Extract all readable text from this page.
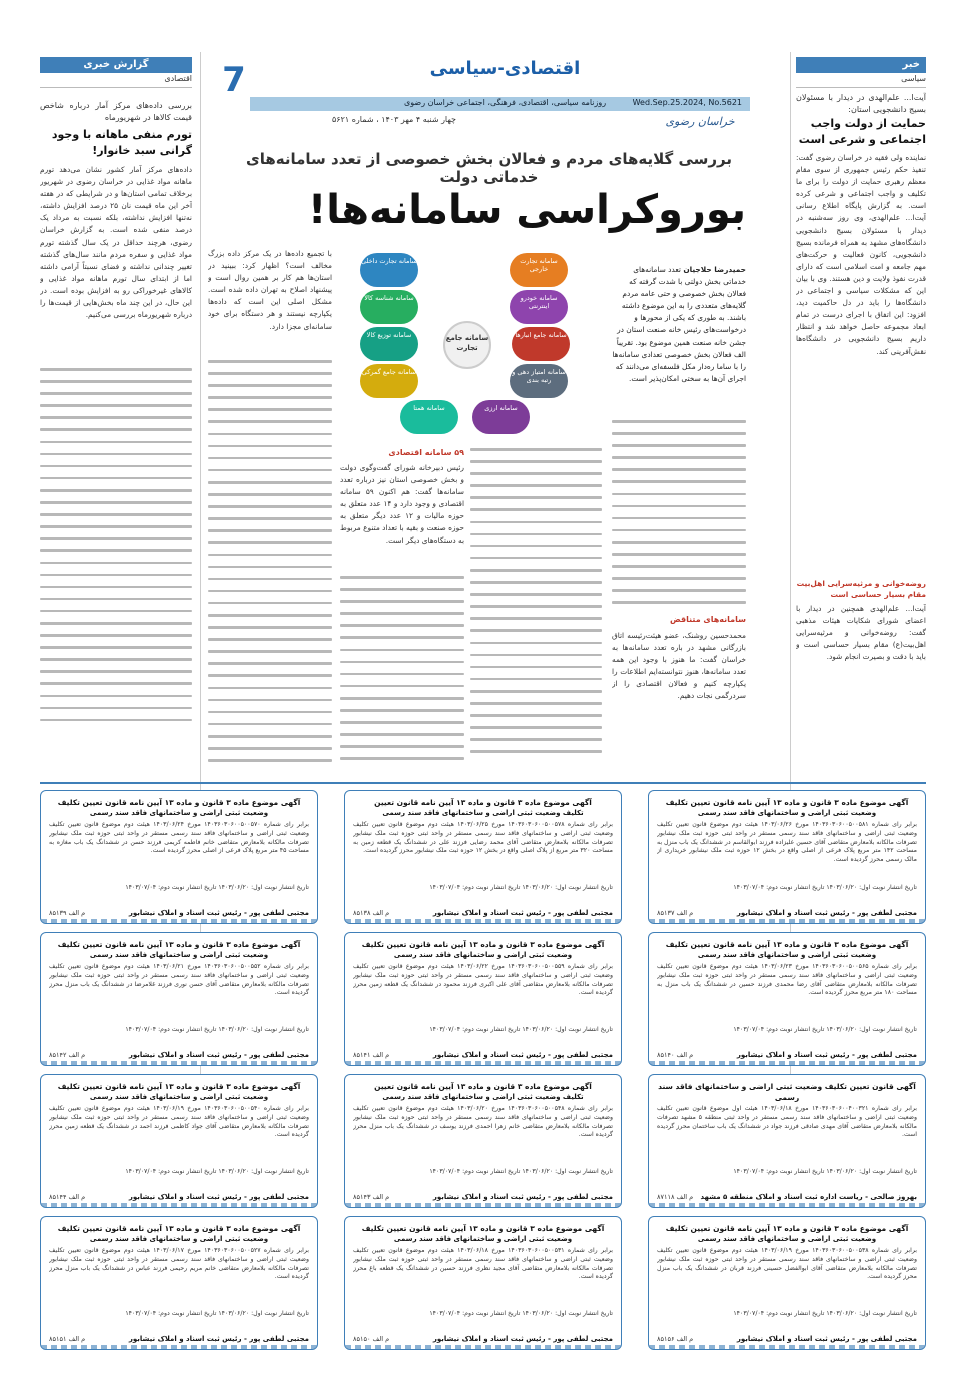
7	اقتصادی-سیاسی
Wed.Sep.25.2024, No.5621
روزنامه سیاسی، اقتصادی، فرهنگی، اجتماعی خراسان رضوی
چهار شنبه ۴ مهر ۱۴۰۳ ، شماره ۵۶۲۱	خراسان رضوی
خبر
سیاسی
آیت‌ا... علم‌الهدی در دیدار با مسئولان بسیج دانشجویی استان:
حمایت از دولت واجب اجتماعی و شرعی است
نماینده ولی فقیه در خراسان رضوی گفت: تنفیذ حکم رئیس جمهوری از سوی مقام معظم رهبری حمایت از دولت را برای ما تکلیف و واجب اجتماعی و شرعی کرده است. به گزارش پایگاه اطلاع رسانی آیت‌ا... علم‌الهدی، وی روز سه‌شنبه در دیدار با مسئولان بسیج دانشجویی دانشگاه‌های مشهد به همراه فرمانده بسیج دانشجویی، کانون فعالیت و حرکت‌های مهم جامعه و امت اسلامی است که دارای قدرت نفوذ ولایت و دین هستند. وی با بیان این که مشکلات سیاسی و اجتماعی در دانشگاه‌ها را باید در دل حاکمیت دید، افزود: این اتفاق با اجرای درست در تمام ابعاد مجموعه حاصل خواهد شد و انتظار داریم بسیج دانشجویی در دانشگاه‌ها نقش‌آفرینی کند.
روضه‌خوانی و مرثیه‌سرایی اهل‌بیت مقام بسیار حساسی است
آیت‌ا... علم‌الهدی همچنین در دیدار با اعضای شورای شکایات هیئات مذهبی گفت: روضه‌خوانی و مرثیه‌سرایی اهل‌بیت(ع) مقام بسیار حساسی است و باید با دقت و بصیرت انجام شود.
گزارش خبری
اقتصادی
بررسی داده‌های مرکز آمار درباره شاخص قیمت کالاها در شهریورماه
تورم منفی ماهانه با وجود گرانی سبد خانوار!
داده‌های مرکز آمار کشور نشان می‌دهد تورم ماهانه مواد غذایی در خراسان رضوی در شهریور برخلاف تمامی استان‌ها و در شرایطی که در هفته آخر این ماه قیمت نان ۲۵ درصد افزایش داشته، نه‌تنها افزایش نداشته، بلکه نسبت به مرداد یک درصد منفی شده است. به گزارش خراسان رضوی، هرچند حداقل در یک سال گذشته تورم مواد غذایی و سفره مردم مانند سال‌های گذشته تغییر چندانی نداشته و فضای نسبتاً آرامی داشته اما از ابتدای سال تورم ماهانه مواد غذایی و کالاهای غیرخوراکی رو به افزایش بوده است. در این حال، در این چند ماه بخش‌هایی از قیمت‌ها را درباره شهریورماه بررسی می‌کنیم.
بررسی گلایه‌های مردم و فعالان بخش خصوصی از تعدد سامانه‌های خدماتی دولت
بوروکراسی سامانه‌ها!
سامانه جامع تجارت
سامانه تجارت داخلی	سامانه تجارت خارجی
سامانه شناسه کالا	سامانه خودرو اینترنتی
سامانه توزیع کالا	سامانه جامع انبارها
سامانه جامع گمرکی	سامانه امتیاز دهی و رتبه بندی
سامانه همتا	سامانه ارزی
حمیدرضا حلاجیان تعدد سامانه‌های خدماتی بخش دولتی با شدت گرفته که فعالان بخش خصوصی و حتی عامه مردم گلایه‌های متعددی را به این موضوع داشته باشند. به طوری که یکی از محورها و درخواست‌های رئیس خانه صنعت استان در جشن خانه صنعت همین موضوع بود. تقریباً الف فعالان بخش خصوصی تعدادی سامانه‌ها را با ساما ره‌دار مکل فلسفه‌ای می‌دانند که اجرای آن‌ها به سختی امکان‌پذیر است.
سامانه‌های متناقض
محمدحسین روشنک، عضو هیئت‌رئیسه اتاق بازرگانی مشهد در باره تعدد سامانه‌ها به خراسان گفت: ما هنوز با وجود این همه تعدد سامانه‌ها، هنوز نتوانسته‌ایم اطلاعات را یکپارچه کنیم و فعالان اقتصادی را از سردرگمی نجات دهیم.
۵۹ سامانه اقتصادی
رئیس دبیرخانه شورای گفت‌وگوی دولت و بخش خصوصی استان نیز درباره تعدد سامانه‌ها گفت: هم اکنون ۵۹ سامانه اقتصادی و وجود دارد و ۱۴ عدد متعلق به حوزه مالیات و ۱۲ عدد دیگر متعلق به حوزه صنعت و بقیه با تعداد متنوع مربوط به دستگاه‌های دیگر است.
با تجمیع داده‌ها در یک مرکز داده بزرگ مخالف است؟ اظهار کرد: ببینید در استان‌ها هم کار بر همین روال است و پیشنهاد اصلاح به تهران داده شده است. مشکل اصلی این است که داده‌ها یکپارچه نیستند و هر دستگاه برای خود سامانه‌ای مجزا دارد.
آگهی موضوع ماده ۳ قانون و ماده ۱۳ آیین نامه قانون تعیین تکلیف
وضعیت ثبتی اراضی و ساختمانهای فاقد سند رسمی
برابر رای شماره ۱۴۰۳۶۰۳۰۶۰۰۵۰۰۵۸۱ مورخ ۱۴۰۳/۰۶/۲۶ هیئت دوم موضوع قانون تعیین تکلیف وضعیت ثبتی اراضی و ساختمانهای فاقد سند رسمی مستقر در واحد ثبتی حوزه ثبت ملک نیشابور تصرفات مالکانه بلامعارض متقاضی آقای حسین علیزاده فرزند ابوالقاسم در ششدانگ یک باب منزل به مساحت ۱۴۲ متر مربع پلاک فرعی از اصلی واقع در بخش ۱۲ حوزه ثبت ملک نیشابور خریداری از مالک رسمی محرز گردیده است.
تاریخ انتشار نوبت اول: ۱۴۰۳/۰۶/۲۰ تاریخ انتشار نوبت دوم: ۱۴۰۳/۰۷/۰۴
مجتبی لطفی پور - رئیس ثبت اسناد و املاک نیشابور
م الف ۸۵۱۳۷
آگهی موضوع ماده ۳ قانون و ماده ۱۳ آیین نامه قانون تعیین
تکلیف وضعیت ثبتی اراضی و ساختمانهای فاقد سند رسمی
برابر رای شماره ۱۴۰۳۶۰۳۰۶۰۰۵۰۰۵۷۸ مورخ ۱۴۰۳/۰۶/۲۵ هیئت دوم موضوع قانون تعیین تکلیف وضعیت ثبتی اراضی و ساختمانهای فاقد سند رسمی مستقر در واحد ثبتی حوزه ثبت ملک نیشابور تصرفات مالکانه بلامعارض متقاضی آقای محمد رضایی فرزند علی در ششدانگ یک قطعه زمین به مساحت ۳۲۰ متر مربع از پلاک اصلی واقع در بخش ۱۲ حوزه ثبت ملک نیشابور محرز گردیده است.
تاریخ انتشار نوبت اول: ۱۴۰۳/۰۶/۲۰ تاریخ انتشار نوبت دوم: ۱۴۰۳/۰۷/۰۴
مجتبی لطفی پور - رئیس ثبت اسناد و املاک نیشابور
م الف ۸۵۱۳۸
آگهی موضوع ماده ۳ قانون و ماده ۱۳ آیین نامه قانون تعیین تکلیف
وضعیت ثبتی اراضی و ساختمانهای فاقد سند رسمی
برابر رای شماره ۱۴۰۳۶۰۳۰۶۰۰۵۰۰۵۷۰ مورخ ۱۴۰۳/۰۶/۲۴ هیئت دوم موضوع قانون تعیین تکلیف وضعیت ثبتی اراضی و ساختمانهای فاقد سند رسمی مستقر در واحد ثبتی حوزه ثبت ملک نیشابور تصرفات مالکانه بلامعارض متقاضی خانم فاطمه کریمی فرزند حسن در ششدانگ یک باب مغازه به مساحت ۴۵ متر مربع پلاک فرعی از اصلی محرز گردیده است.
تاریخ انتشار نوبت اول: ۱۴۰۳/۰۶/۲۰ تاریخ انتشار نوبت دوم: ۱۴۰۳/۰۷/۰۴
مجتبی لطفی پور - رئیس ثبت اسناد و املاک نیشابور
م الف ۸۵۱۳۹
آگهی موضوع ماده ۳ قانون و ماده ۱۳ آیین نامه قانون تعیین تکلیف
وضعیت ثبتی اراضی و ساختمانهای فاقد سند رسمی
برابر رای شماره ۱۴۰۳۶۰۳۰۶۰۰۵۰۰۵۶۵ مورخ ۱۴۰۳/۰۶/۲۳ هیئت دوم موضوع قانون تعیین تکلیف وضعیت ثبتی اراضی و ساختمانهای فاقد سند رسمی مستقر در واحد ثبتی حوزه ثبت ملک نیشابور تصرفات مالکانه بلامعارض متقاضی آقای رضا محمدی فرزند حسین در ششدانگ یک باب منزل به مساحت ۱۸۰ متر مربع محرز گردیده است.
تاریخ انتشار نوبت اول: ۱۴۰۳/۰۶/۲۰ تاریخ انتشار نوبت دوم: ۱۴۰۳/۰۷/۰۴
مجتبی لطفی پور - رئیس ثبت اسناد و املاک نیشابور
م الف ۸۵۱۴۰
آگهی موضوع ماده ۳ قانون و ماده ۱۳ آیین نامه قانون تعیین تکلیف
وضعیت ثبتی اراضی و ساختمانهای فاقد سند رسمی
برابر رای شماره ۱۴۰۳۶۰۳۰۶۰۰۵۰۰۵۵۹ مورخ ۱۴۰۳/۰۶/۲۲ هیئت دوم موضوع قانون تعیین تکلیف وضعیت ثبتی اراضی و ساختمانهای فاقد سند رسمی مستقر در واحد ثبتی حوزه ثبت ملک نیشابور تصرفات مالکانه بلامعارض متقاضی آقای علی اکبری فرزند محمود در ششدانگ یک قطعه زمین محرز گردیده است.
تاریخ انتشار نوبت اول: ۱۴۰۳/۰۶/۲۰ تاریخ انتشار نوبت دوم: ۱۴۰۳/۰۷/۰۴
مجتبی لطفی پور - رئیس ثبت اسناد و املاک نیشابور
م الف ۸۵۱۴۱
آگهی موضوع ماده ۳ قانون و ماده ۱۳ آیین نامه قانون تعیین تکلیف
وضعیت ثبتی اراضی و ساختمانهای فاقد سند رسمی
برابر رای شماره ۱۴۰۳۶۰۳۰۶۰۰۵۰۰۵۵۲ مورخ ۱۴۰۳/۰۶/۲۱ هیئت دوم موضوع قانون تعیین تکلیف وضعیت ثبتی اراضی و ساختمانهای فاقد سند رسمی مستقر در واحد ثبتی حوزه ثبت ملک نیشابور تصرفات مالکانه بلامعارض متقاضی آقای حسن نوری فرزند غلامرضا در ششدانگ یک باب منزل محرز گردیده است.
تاریخ انتشار نوبت اول: ۱۴۰۳/۰۶/۲۰ تاریخ انتشار نوبت دوم: ۱۴۰۳/۰۷/۰۴
مجتبی لطفی پور - رئیس ثبت اسناد و املاک نیشابور
م الف ۸۵۱۴۲
آگهی قانون تعیین تکلیف وضعیت ثبتی اراضی و ساختمانهای فاقد سند رسمی
برابر رای شماره ۱۴۰۳۶۰۳۰۶۰۰۴۰۰۳۲۱ مورخ ۱۴۰۳/۰۶/۱۸ هیئت اول موضوع قانون تعیین تکلیف وضعیت ثبتی اراضی و ساختمانهای فاقد سند رسمی مستقر در واحد ثبتی منطقه ۵ مشهد تصرفات مالکانه بلامعارض متقاضی آقای مهدی صادقی فرزند جواد در ششدانگ یک باب ساختمان محرز گردیده است.
تاریخ انتشار نوبت اول: ۱۴۰۳/۰۶/۲۰ تاریخ انتشار نوبت دوم: ۱۴۰۳/۰۷/۰۴
بهروز صالحی - ریاست اداره ثبت اسناد و املاک منطقه ۵ مشهد
م الف ۸۷۱۱۸
آگهی موضوع ماده ۳ قانون و ماده ۱۳ آیین نامه قانون تعیین
تکلیف وضعیت ثبتی اراضی و ساختمانهای فاقد سند رسمی
برابر رای شماره ۱۴۰۳۶۰۳۰۶۰۰۵۰۰۵۴۸ مورخ ۱۴۰۳/۰۶/۲۰ هیئت دوم موضوع قانون تعیین تکلیف وضعیت ثبتی اراضی و ساختمانهای فاقد سند رسمی مستقر در واحد ثبتی حوزه ثبت ملک نیشابور تصرفات مالکانه بلامعارض متقاضی خانم زهرا احمدی فرزند یوسف در ششدانگ یک باب منزل محرز گردیده است.
تاریخ انتشار نوبت اول: ۱۴۰۳/۰۶/۲۰ تاریخ انتشار نوبت دوم: ۱۴۰۳/۰۷/۰۴
مجتبی لطفی پور - رئیس ثبت اسناد و املاک نیشابور
م الف ۸۵۱۴۳
آگهی موضوع ماده ۳ قانون و ماده ۱۳ آیین نامه قانون تعیین تکلیف
وضعیت ثبتی اراضی و ساختمانهای فاقد سند رسمی
برابر رای شماره ۱۴۰۳۶۰۳۰۶۰۰۵۰۰۵۴۰ مورخ ۱۴۰۳/۰۶/۱۹ هیئت دوم موضوع قانون تعیین تکلیف وضعیت ثبتی اراضی و ساختمانهای فاقد سند رسمی مستقر در واحد ثبتی حوزه ثبت ملک نیشابور تصرفات مالکانه بلامعارض متقاضی آقای جواد کاظمی فرزند احمد در ششدانگ یک قطعه زمین محرز گردیده است.
تاریخ انتشار نوبت اول: ۱۴۰۳/۰۶/۲۰ تاریخ انتشار نوبت دوم: ۱۴۰۳/۰۷/۰۴
مجتبی لطفی پور - رئیس ثبت اسناد و املاک نیشابور
م الف ۸۵۱۴۴
آگهی موضوع ماده ۳ قانون و ماده ۱۳ آیین نامه قانون تعیین تکلیف
وضعیت ثبتی اراضی و ساختمانهای فاقد سند رسمی
برابر رای شماره ۱۴۰۳۶۰۳۰۶۰۰۵۰۰۵۳۸ مورخ ۱۴۰۳/۰۶/۱۹ هیئت دوم موضوع قانون تعیین تکلیف وضعیت ثبتی اراضی و ساختمانهای فاقد سند رسمی مستقر در واحد ثبتی حوزه ثبت ملک نیشابور تصرفات مالکانه بلامعارض متقاضی آقای ابوالفضل حسینی فرزند قربان در ششدانگ یک باب منزل محرز گردیده است.
تاریخ انتشار نوبت اول: ۱۴۰۳/۰۶/۲۰ تاریخ انتشار نوبت دوم: ۱۴۰۳/۰۷/۰۴
مجتبی لطفی پور - رئیس ثبت اسناد و املاک نیشابور
م الف ۸۵۱۵۶
آگهی موضوع ماده ۳ قانون و ماده ۱۳ آیین نامه قانون تعیین تکلیف
وضعیت ثبتی اراضی و ساختمانهای فاقد سند رسمی
برابر رای شماره ۱۴۰۳۶۰۳۰۶۰۰۵۰۰۵۳۱ مورخ ۱۴۰۳/۰۶/۱۸ هیئت دوم موضوع قانون تعیین تکلیف وضعیت ثبتی اراضی و ساختمانهای فاقد سند رسمی مستقر در واحد ثبتی حوزه ثبت ملک نیشابور تصرفات مالکانه بلامعارض متقاضی آقای مجید نظری فرزند حسین در ششدانگ یک قطعه باغ محرز گردیده است.
تاریخ انتشار نوبت اول: ۱۴۰۳/۰۶/۲۰ تاریخ انتشار نوبت دوم: ۱۴۰۳/۰۷/۰۴
مجتبی لطفی پور - رئیس ثبت اسناد و املاک نیشابور
م الف ۸۵۱۵۰
آگهی موضوع ماده ۳ قانون و ماده ۱۳ آیین نامه قانون تعیین تکلیف
وضعیت ثبتی اراضی و ساختمانهای فاقد سند رسمی
برابر رای شماره ۱۴۰۳۶۰۳۰۶۰۰۵۰۰۵۲۷ مورخ ۱۴۰۳/۰۶/۱۷ هیئت دوم موضوع قانون تعیین تکلیف وضعیت ثبتی اراضی و ساختمانهای فاقد سند رسمی مستقر در واحد ثبتی حوزه ثبت ملک نیشابور تصرفات مالکانه بلامعارض متقاضی خانم مریم رحیمی فرزند عباس در ششدانگ یک باب منزل محرز گردیده است.
تاریخ انتشار نوبت اول: ۱۴۰۳/۰۶/۲۰ تاریخ انتشار نوبت دوم: ۱۴۰۳/۰۷/۰۴
مجتبی لطفی پور - رئیس ثبت اسناد و املاک نیشابور
م الف ۸۵۱۵۱
